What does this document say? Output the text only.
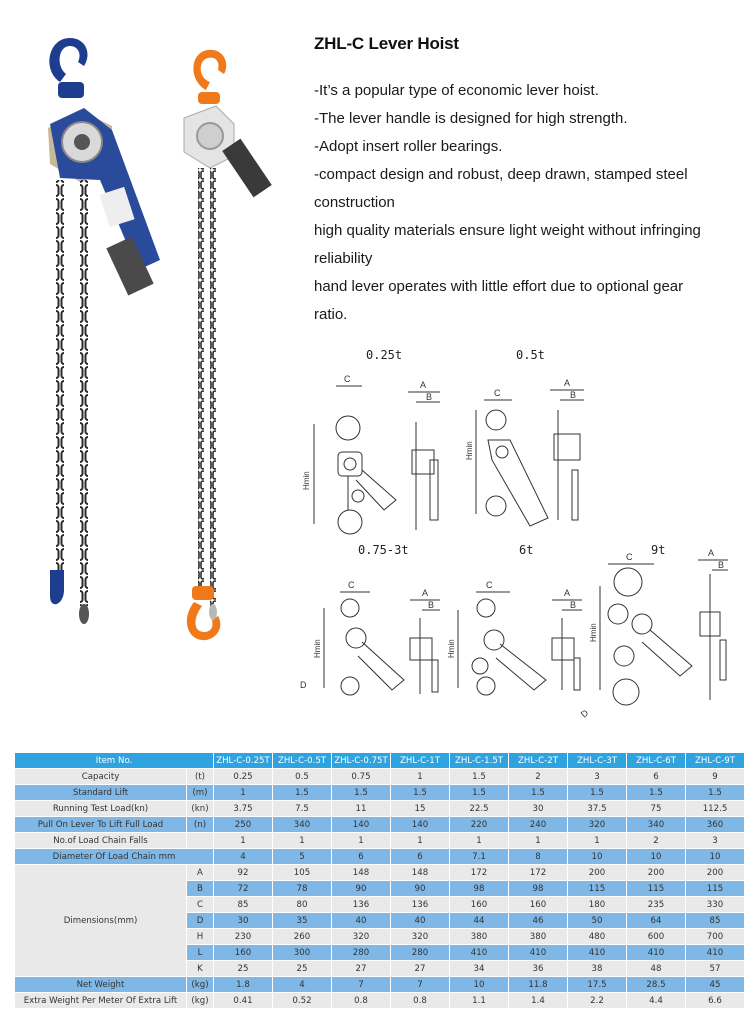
ZHL-C Lever Hoist

-It’s a popular type of economic lever hoist.

-The lever handle is designed for high strength.

-Adopt insert roller bearings.

-compact design and robust, deep drawn, stamped steel

construction

high quality materials ensure light weight without infringing

reliability

hand lever operates with little effort due to optional gear

ratio.

0.25t	0.5t
0.75-3t	6t	9t
C
Hmin
A
B	C
Hmin
A
B
C
Hmin
D
A
B
C
Hmin
A
B
C
Hmin
D
A
B
Item No.		ZHL-C-0.25T	ZHL-C-0.5T	ZHL-C-0.75T	ZHL-C-1T	ZHL-C-1.5T	ZHL-C-2T	ZHL-C-3T	ZHL-C-6T	ZHL-C-9T
Capacity	(t)	0.25	0.5	0.75	1	1.5	2	3	6	9
Standard Lift	(m)	1	1.5	1.5	1.5	1.5	1.5	1.5	1.5	1.5
Running Test Load(kn)	(kn)	3.75	7.5	11	15	22.5	30	37.5	75	112.5
Pull On Lever To Lift Full Load	(n)	250	340	140	140	220	240	320	340	360
No.of Load Chain Falls		1	1	1	1	1	1	1	2	3
Diameter Of Load Chain mm		4	5	6	6	7.1	8	10	10	10
Dimensions(mm)	A	92	105	148	148	172	172	200	200	200
	B	72	78	90	90	98	98	115	115	115
	C	85	80	136	136	160	160	180	235	330
	D	30	35	40	40	44	46	50	64	85
	H	230	260	320	320	380	380	480	600	700
	L	160	300	280	280	410	410	410	410	410
	K	25	25	27	27	34	36	38	48	57
Net Weight	(kg)	1.8	4	7	7	10	11.8	17.5	28.5	45
Extra Weight Per Meter Of Extra Lift	(kg)	0.41	0.52	0.8	0.8	1.1	1.4	2.2	4.4	6.6
